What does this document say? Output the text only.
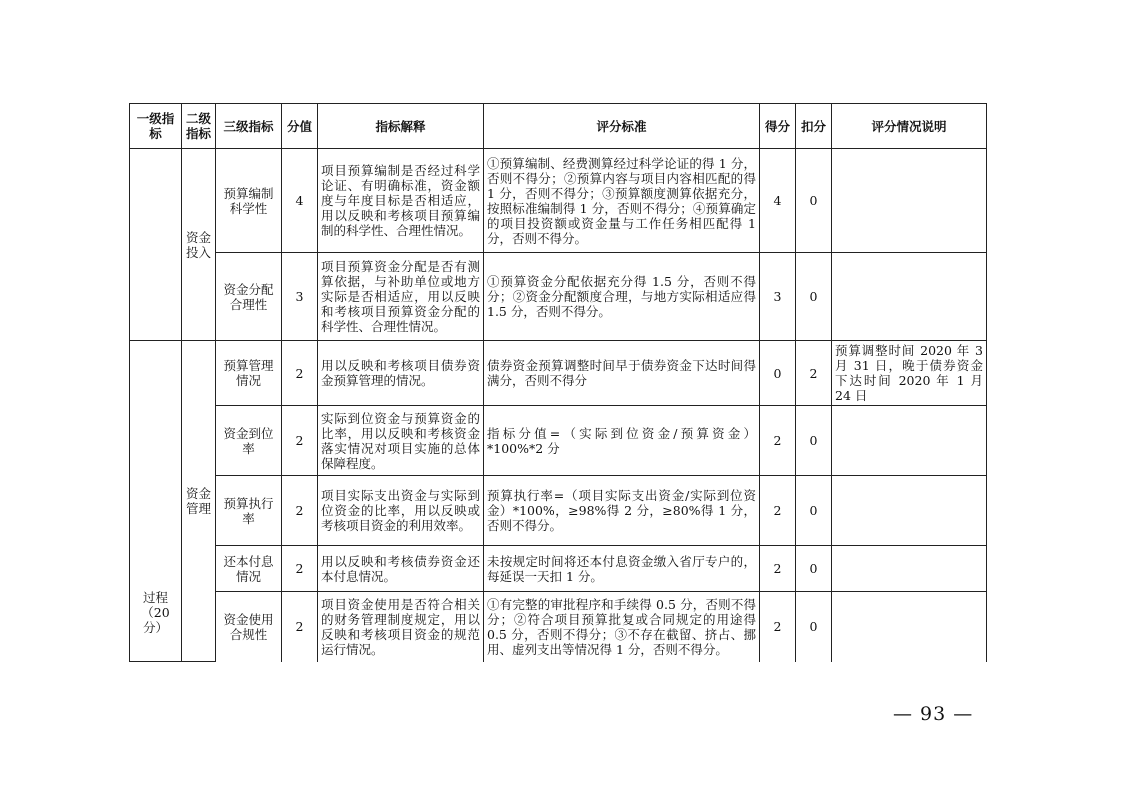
一级指标	二级指标	三级指标	分值	指标解释	评分标准	得分	扣分	评分情况说明
	资金投入	预算编制科学性	4	项目预算编制是否经过科学论证、有明确标准，资金额度与年度目标是否相适应，用以反映和考核项目预算编制的科学性、合理性情况。	①预算编制、经费测算经过科学论证的得 1 分，否则不得分；②预算内容与项目内容相匹配的得 1 分，否则不得分；③预算额度测算依据充分，按照标准编制得 1 分，否则不得分；④预算确定的项目投资额或资金量与工作任务相匹配得 1 分，否则不得分。	4	0	
		资金分配合理性	3	项目预算资金分配是否有测算依据，与补助单位或地方实际是否相适应，用以反映和考核项目预算资金分配的科学性、合理性情况。	①预算资金分配依据充分得 1.5 分，否则不得分；②资金分配额度合理，与地方实际相适应得 1.5 分，否则不得分。	3	0	
过程（20分）	资金管理	预算管理情况	2	用以反映和考核项目债券资金预算管理的情况。	债券资金预算调整时间早于债券资金下达时间得满分，否则不得分	0	2	预算调整时间 2020 年 3 月 31 日，晚于债券资金下达时间 2020 年 1 月 24 日
		资金到位率	2	实际到位资金与预算资金的比率，用以反映和考核资金落实情况对项目实施的总体保障程度。	指标分值=（实际到位资金/预算资金）*100%*2 分	2	0	
		预算执行率	2	项目实际支出资金与实际到位资金的比率，用以反映或考核项目资金的利用效率。	预算执行率=（项目实际支出资金/实际到位资金）*100%，≥98%得 2 分，≥80%得 1 分，否则不得分。	2	0	
		还本付息情况	2	用以反映和考核债券资金还本付息情况。	未按规定时间将还本付息资金缴入省厅专户的，每延误一天扣 1 分。	2	0	
		资金使用合规性	2	项目资金使用是否符合相关的财务管理制度规定，用以反映和考核项目资金的规范运行情况。	①有完整的审批程序和手续得 0.5 分，否则不得分；②符合项目预算批复或合同规定的用途得 0.5 分，否则不得分；③不存在截留、挤占、挪用、虚列支出等情况得 1 分，否则不得分。	2	0	
— 93 —
